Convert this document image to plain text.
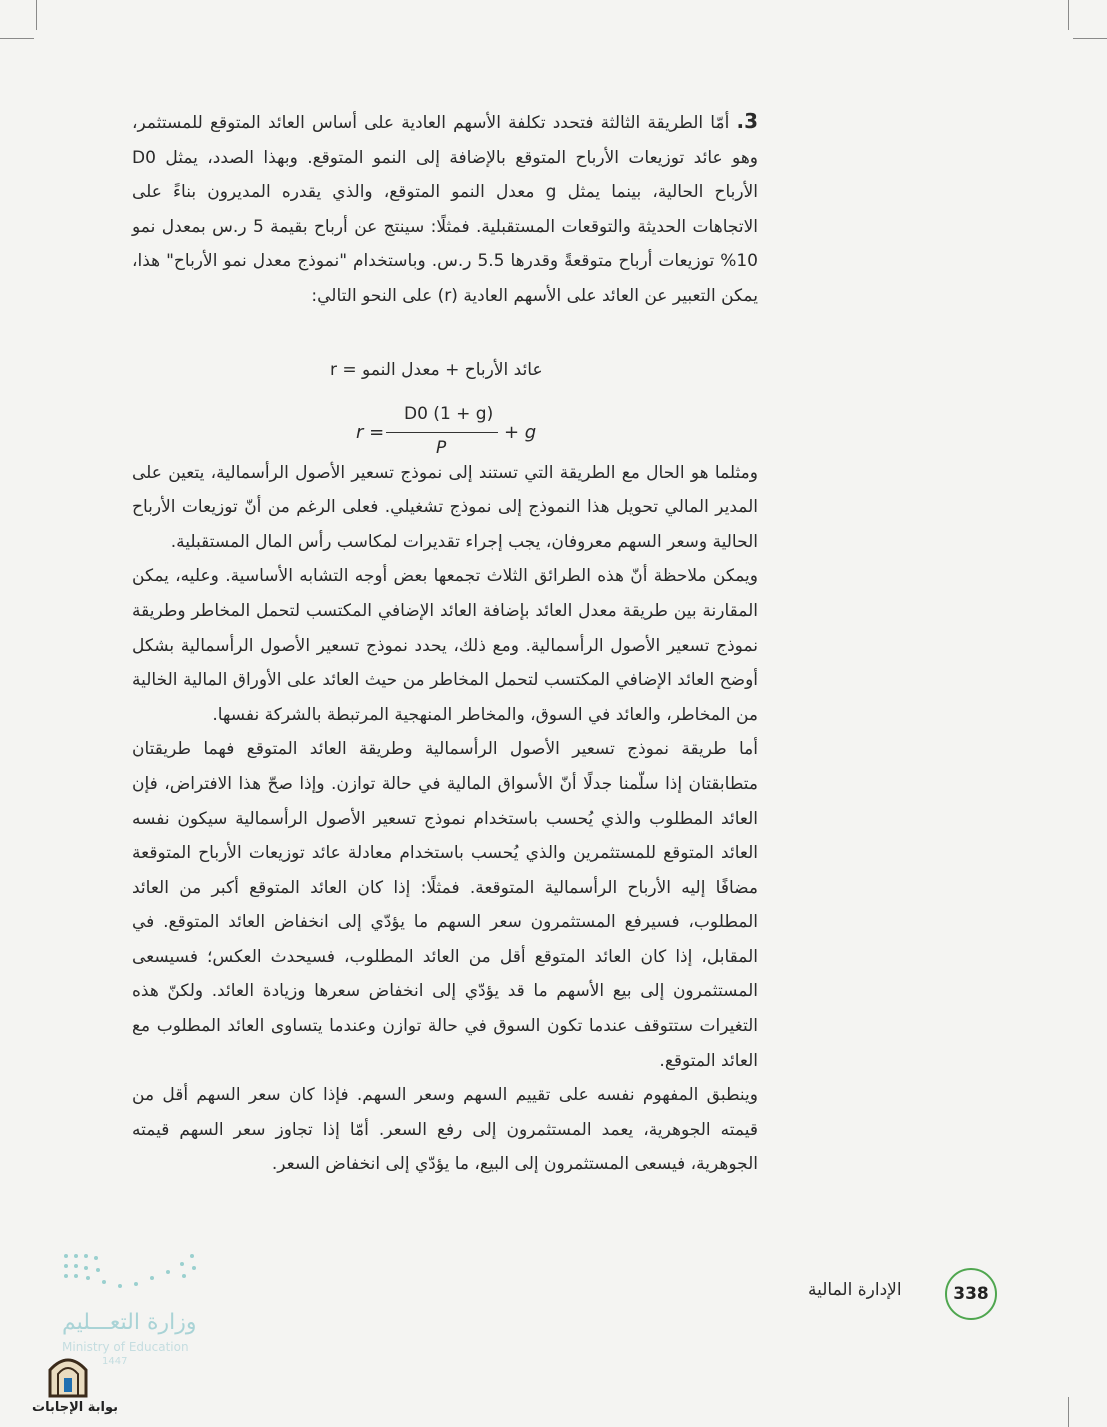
3. أمّا الطريقة الثالثة فتحدد تكلفة الأسهم العادية على أساس العائد المتوقع للمستثمر، وهو عائد توزيعات الأرباح المتوقع بالإضافة إلى النمو المتوقع. وبهذا الصدد، يمثل D0 الأرباح الحالية، بينما يمثل g معدل النمو المتوقع، والذي يقدره المديرون بناءً على الاتجاهات الحديثة والتوقعات المستقبلية. فمثلًا: سينتج عن أرباح بقيمة 5 ر.س بمعدل نمو 10% توزيعات أرباح متوقعةً وقدرها 5.5 ر.س. وباستخدام "نموذج معدل نمو الأرباح" هذا، يمكن التعبير عن العائد على الأسهم العادية (r) على النحو التالي:

ومثلما هو الحال مع الطريقة التي تستند إلى نموذج تسعير الأصول الرأسمالية، يتعين على المدير المالي تحويل هذا النموذج إلى نموذج تشغيلي. فعلى الرغم من أنّ توزيعات الأرباح الحالية وسعر السهم معروفان، يجب إجراء تقديرات لمكاسب رأس المال المستقبلية.

ويمكن ملاحظة أنّ هذه الطرائق الثلاث تجمعها بعض أوجه التشابه الأساسية. وعليه، يمكن المقارنة بين طريقة معدل العائد بإضافة العائد الإضافي المكتسب لتحمل المخاطر وطريقة نموذج تسعير الأصول الرأسمالية. ومع ذلك، يحدد نموذج تسعير الأصول الرأسمالية بشكل أوضح العائد الإضافي المكتسب لتحمل المخاطر من حيث العائد على الأوراق المالية الخالية من المخاطر، والعائد في السوق، والمخاطر المنهجية المرتبطة بالشركة نفسها.

أما طريقة نموذج تسعير الأصول الرأسمالية وطريقة العائد المتوقع فهما طريقتان متطابقتان إذا سلّمنا جدلًا أنّ الأسواق المالية في حالة توازن. وإذا صحّ هذا الافتراض، فإن العائد المطلوب والذي يُحسب باستخدام نموذج تسعير الأصول الرأسمالية سيكون نفسه العائد المتوقع للمستثمرين والذي يُحسب باستخدام معادلة عائد توزيعات الأرباح المتوقعة مضافًا إليه الأرباح الرأسمالية المتوقعة. فمثلًا: إذا كان العائد المتوقع أكبر من العائد المطلوب، فسيرفع المستثمرون سعر السهم ما يؤدّي إلى انخفاض العائد المتوقع. في المقابل، إذا كان العائد المتوقع أقل من العائد المطلوب، فسيحدث العكس؛ فسيسعى المستثمرون إلى بيع الأسهم ما قد يؤدّي إلى انخفاض سعرها وزيادة العائد. ولكنّ هذه التغيرات ستتوقف عندما تكون السوق في حالة توازن وعندما يتساوى العائد المطلوب مع العائد المتوقع.

وينطبق المفهوم نفسه على تقييم السهم وسعر السهم. فإذا كان سعر السهم أقل من قيمته الجوهرية، يعمد المستثمرون إلى رفع السعر. أمّا إذا تجاوز سعر السهم قيمته الجوهرية، فيسعى المستثمرون إلى البيع، ما يؤدّي إلى انخفاض السعر.

عائد الأرباح + معدل النمو = r
r =
D0 (1 + g)
P
+ g
338
الإدارة المالية
وزارة التعـــليم
Ministry of Education
1447
بوابة الإجابات
